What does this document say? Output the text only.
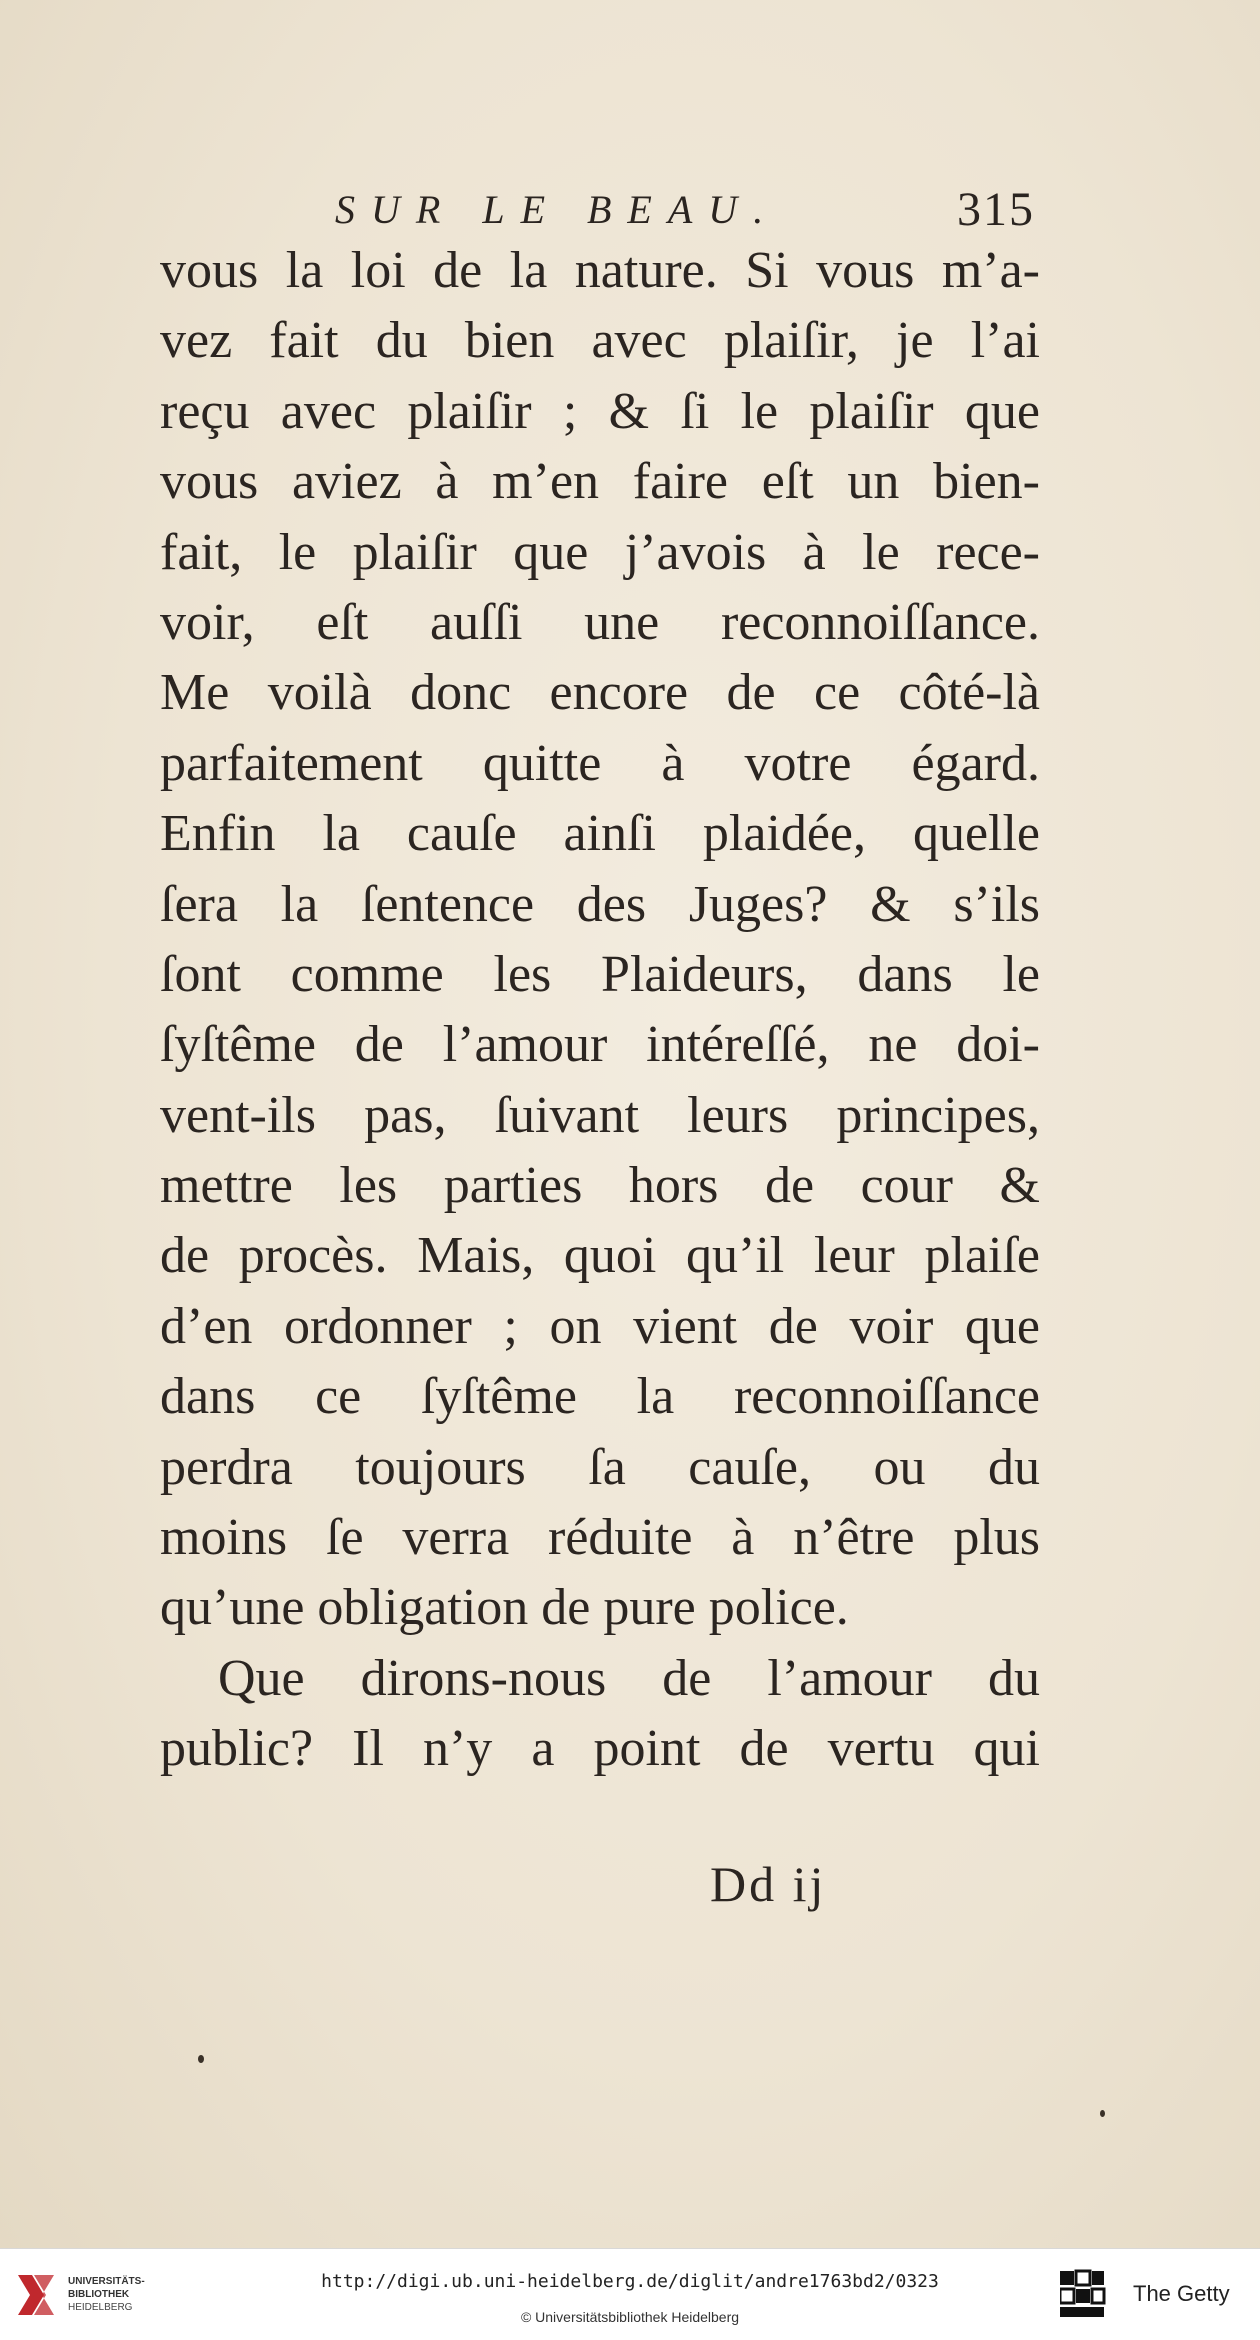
SUR LE BEAU.	315
vous la loi de la nature. Si vous m’a-
vez fait du bien avec plaiſir, je l’ai
reçu avec plaiſir ; & ſi le plaiſir que
vous aviez à m’en faire eſt un bien-
fait, le plaiſir que j’avois à le rece-
voir, eſt auſſi une reconnoiſſance.
Me voilà donc encore de ce côté-là
parfaitement quitte à votre égard.
Enfin la cauſe ainſi plaidée, quelle
ſera la ſentence des Juges? & s’ils
ſont comme les Plaideurs, dans le
ſyſtême de l’amour intéreſſé, ne doi-
vent-ils pas, ſuivant leurs principes,
mettre les parties hors de cour &
de procès. Mais, quoi qu’il leur plaiſe
d’en ordonner ; on vient de voir que
dans ce ſyſtême la reconnoiſſance
perdra toujours ſa cauſe, ou du
moins ſe verra réduite à n’être plus
qu’une obligation de pure police.
Que dirons-nous de l’amour du
public? Il n’y a point de vertu qui
Dd ij
UNIVERSITÄTS-
BIBLIOTHEK
HEIDELBERG
http://digi.ub.uni-heidelberg.de/diglit/andre1763bd2/0323
© Universitätsbibliothek Heidelberg
The Getty
